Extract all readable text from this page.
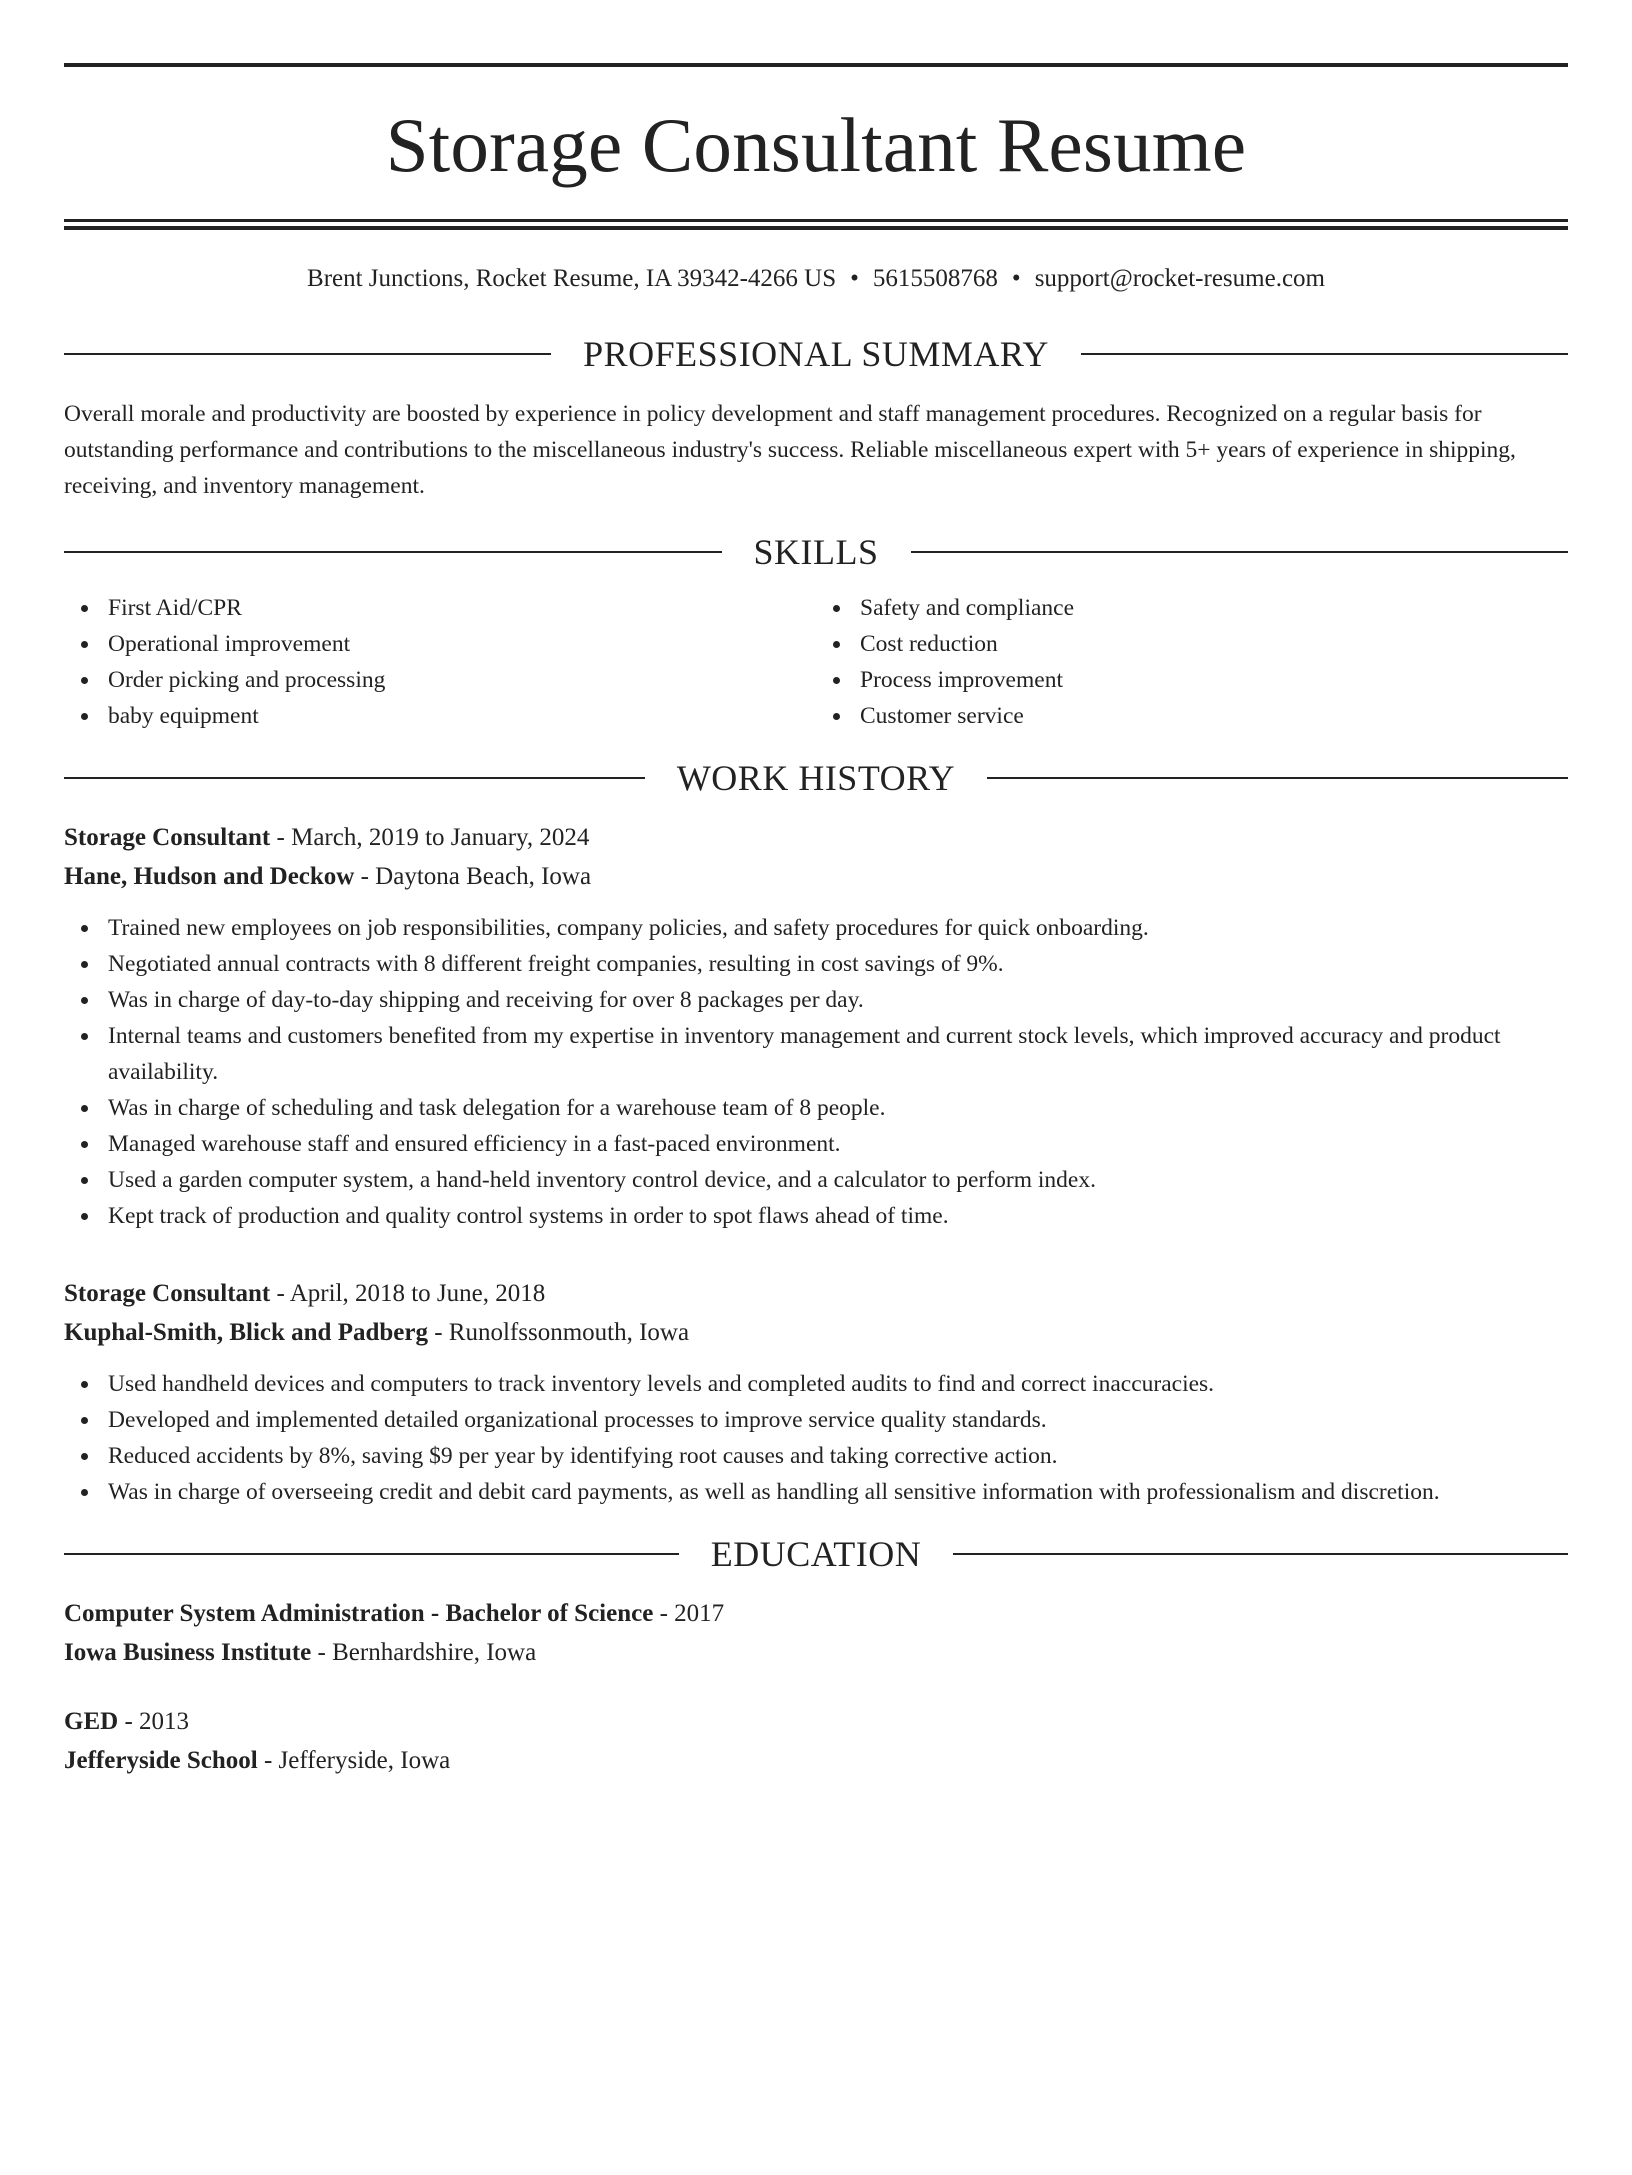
Storage Consultant Resume
Brent Junctions, Rocket Resume, IA 39342-4266 US • 5615508768 • support@rocket-resume.com
PROFESSIONAL SUMMARY
Overall morale and productivity are boosted by experience in policy development and staff management procedures. Recognized on a regular basis for outstanding performance and contributions to the miscellaneous industry's success. Reliable miscellaneous expert with 5+ years of experience in shipping, receiving, and inventory management.
SKILLS
First Aid/CPR
Operational improvement
Order picking and processing
baby equipment
Safety and compliance
Cost reduction
Process improvement
Customer service
WORK HISTORY
Storage Consultant - March, 2019 to January, 2024
Hane, Hudson and Deckow - Daytona Beach, Iowa
Trained new employees on job responsibilities, company policies, and safety procedures for quick onboarding.
Negotiated annual contracts with 8 different freight companies, resulting in cost savings of 9%.
Was in charge of day-to-day shipping and receiving for over 8 packages per day.
Internal teams and customers benefited from my expertise in inventory management and current stock levels, which improved accuracy and product availability.
Was in charge of scheduling and task delegation for a warehouse team of 8 people.
Managed warehouse staff and ensured efficiency in a fast-paced environment.
Used a garden computer system, a hand-held inventory control device, and a calculator to perform index.
Kept track of production and quality control systems in order to spot flaws ahead of time.
Storage Consultant - April, 2018 to June, 2018
Kuphal-Smith, Blick and Padberg - Runolfssonmouth, Iowa
Used handheld devices and computers to track inventory levels and completed audits to find and correct inaccuracies.
Developed and implemented detailed organizational processes to improve service quality standards.
Reduced accidents by 8%, saving $9 per year by identifying root causes and taking corrective action.
Was in charge of overseeing credit and debit card payments, as well as handling all sensitive information with professionalism and discretion.
EDUCATION
Computer System Administration - Bachelor of Science - 2017
Iowa Business Institute - Bernhardshire, Iowa
GED - 2013
Jefferyside School - Jefferyside, Iowa
